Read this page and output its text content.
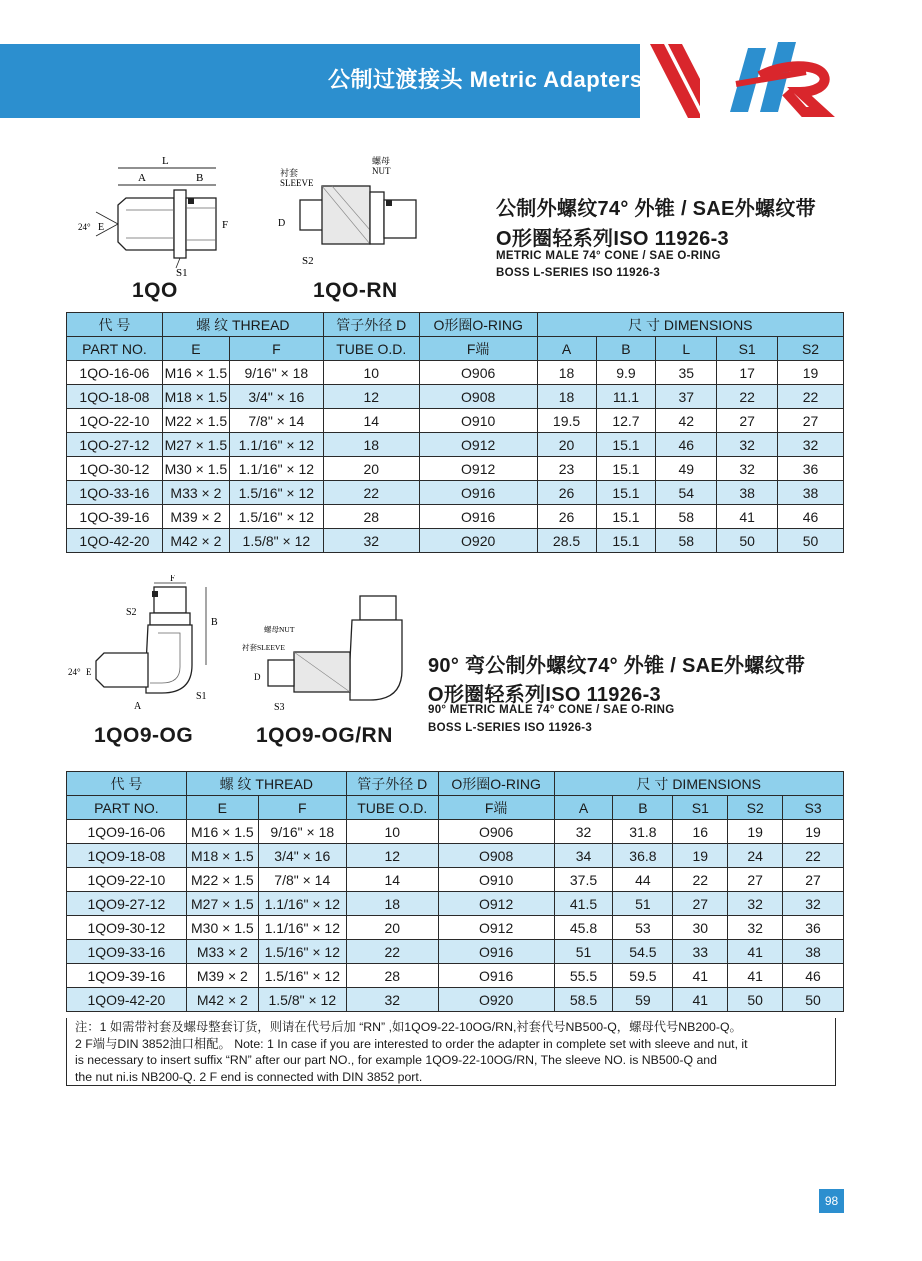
公制过渡接头 Metric Adapters
L
A	B
24° E	F
S1
1QO
衬套 SLEEVE
螺母 NUT
D
S2
1QO-RN
公制外螺纹74° 外锥 / SAE外螺纹带
O形圈轻系列ISO 11926-3
METRIC MALE 74° CONE / SAE O-RING
BOSS L-SERIES ISO 11926-3
代 号	螺 纹 THREAD		管子外径 D	O形圈O-RING	尺 寸 DIMENSIONS				
PART NO.	E	F	TUBE O.D.	F端	A	B	L	S1	S2
1QO-16-06	M16 × 1.5	9/16" × 18	10	O906	18	9.9	35	17	19
1QO-18-08	M18 × 1.5	3/4" × 16	12	O908	18	11.1	37	22	22
1QO-22-10	M22 × 1.5	7/8" × 14	14	O910	19.5	12.7	42	27	27
1QO-27-12	M27 × 1.5	1.1/16" × 12	18	O912	20	15.1	46	32	32
1QO-30-12	M30 × 1.5	1.1/16" × 12	20	O912	23	15.1	49	32	36
1QO-33-16	M33 × 2	1.5/16" × 12	22	O916	26	15.1	54	38	38
1QO-39-16	M39 × 2	1.5/16" × 12	28	O916	26	15.1	58	41	46
1QO-42-20	M42 × 2	1.5/8" × 12	32	O920	28.5	15.1	58	50	50
F
S2
B
24° E
A
S1
1QO9-OG
螺母NUT
衬套SLEEVE
D
S3
1QO9-OG/RN
90° 弯公制外螺纹74° 外锥 / SAE外螺纹带
O形圈轻系列ISO 11926-3
90° METRIC MALE 74° CONE / SAE O-RING
BOSS L-SERIES ISO 11926-3
代 号	螺 纹 THREAD		管子外径 D	O形圈O-RING	尺 寸 DIMENSIONS				
PART NO.	E	F	TUBE O.D.	F端	A	B	S1	S2	S3
1QO9-16-06	M16 × 1.5	9/16" × 18	10	O906	32	31.8	16	19	19
1QO9-18-08	M18 × 1.5	3/4" × 16	12	O908	34	36.8	19	24	22
1QO9-22-10	M22 × 1.5	7/8" × 14	14	O910	37.5	44	22	27	27
1QO9-27-12	M27 × 1.5	1.1/16" × 12	18	O912	41.5	51	27	32	32
1QO9-30-12	M30 × 1.5	1.1/16" × 12	20	O912	45.8	53	30	32	36
1QO9-33-16	M33 × 2	1.5/16" × 12	22	O916	51	54.5	33	41	38
1QO9-39-16	M39 × 2	1.5/16" × 12	28	O916	55.5	59.5	41	41	46
1QO9-42-20	M42 × 2	1.5/8" × 12	32	O920	58.5	59	41	50	50
注：1 如需带衬套及螺母整套订货，则请在代号后加 “RN” ,如1QO9-22-10OG/RN,衬套代号NB500-Q，螺母代号NB200-Q。
2 F端与DIN 3852油口相配。 Note: 1 In case if you are interested to order the adapter in complete set with sleeve and nut, it
is necessary to insert suffix “RN” after our part NO., for example 1QO9-22-10OG/RN, The sleeve NO. is NB500-Q and
the nut ni.is NB200-Q. 2 F end is connected with DIN 3852 port.
98
